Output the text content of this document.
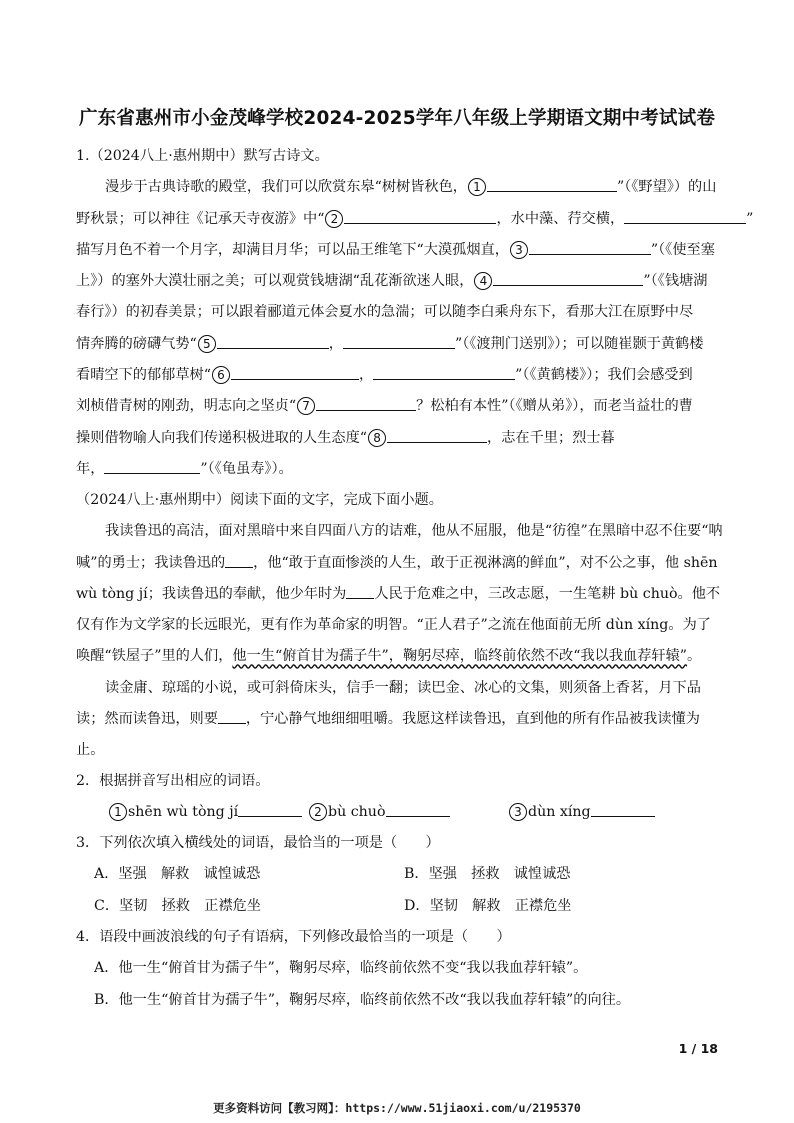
广东省惠州市小金茂峰学校2024-2025学年八年级上学期语文期中考试试卷
1.（2024八上·惠州期中）默写古诗文。
漫步于古典诗歌的殿堂，我们可以欣赏东皋“树树皆秋色， 1	”（《野望》）的山
野秋景；可以神往《记承天寺夜游》中“ 2	，水中藻、荇交横，	”
描写月色不着一个月字，却满目月华；可以品王维笔下“大漠孤烟直， 3	”（《使至塞
上》）的塞外大漠壮丽之美；可以观赏钱塘湖“乱花渐欲迷人眼， 4	”（《钱塘湖
春行》）的初春美景；可以跟着郦道元体会夏水的急湍；可以随李白乘舟东下，看那大江在原野中尽
情奔腾的磅礴气势“ 5	，	”（《渡荆门送别》）；可以随崔颢于黄鹤楼
看晴空下的郁郁草树“ 6	，	”（《黄鹤楼》）；我们会感受到
刘桢借青树的刚劲，明志向之坚贞“ 7	？松柏有本性”（《赠从弟》），而老当益壮的曹
操则借物喻人向我们传递积极进取的人生态度“ 8	，志在千里；烈士暮
年，	”（《龟虽寿》）。
（2024八上·惠州期中）阅读下面的文字，完成下面小题。
我读鲁迅的高洁，面对黑暗中来自四面八方的诘难，他从不屈服，他是“彷徨”在黑暗中忍不住要“呐
喊”的勇士；我读鲁迅的 ，他“敢于直面惨淡的人生，敢于正视淋漓的鲜血”，对不公之事，他 shēn
wù tòng jí；我读鲁迅的奉献，他少年时为 人民于危难之中，三改志愿，一生笔耕 bù chuò。他不
仅有作为文学家的长远眼光，更有作为革命家的明智。“正人君子”之流在他面前无所 dùn xíng。为了
唤醒“铁屋子”里的人们，他一生“俯首甘为孺子牛”，鞠躬尽瘁，临终前依然不改“我以我血荐轩辕”。
读金庸、琼瑶的小说，或可斜倚床头，信手一翻；读巴金、冰心的文集，则须备上香茗，月下品
读；然而读鲁迅，则要 ，宁心静气地细细咀嚼。我愿这样读鲁迅，直到他的所有作品被我读懂为
止。
2．根据拼音写出相应的词语。
1 shēn wù tòng jí	2 bù chuò	3 dùn xíng
3．下列依次填入横线处的词语，最恰当的一项是（　　）
A．坚强　解救　诚惶诚恐	B．坚强　拯救　诚惶诚恐
C．坚韧　拯救　正襟危坐	D．坚韧　解救　正襟危坐
4．语段中画波浪线的句子有语病，下列修改最恰当的一项是（　　）
A．他一生“俯首甘为孺子牛”，鞠躬尽瘁，临终前依然不变“我以我血荐轩辕”。
B．他一生“俯首甘为孺子牛”，鞠躬尽瘁，临终前依然不改“我以我血荐轩辕”的向往。
1 / 18
更多资料访问【教习网】：https://www.51jiaoxi.com/u/2195370
